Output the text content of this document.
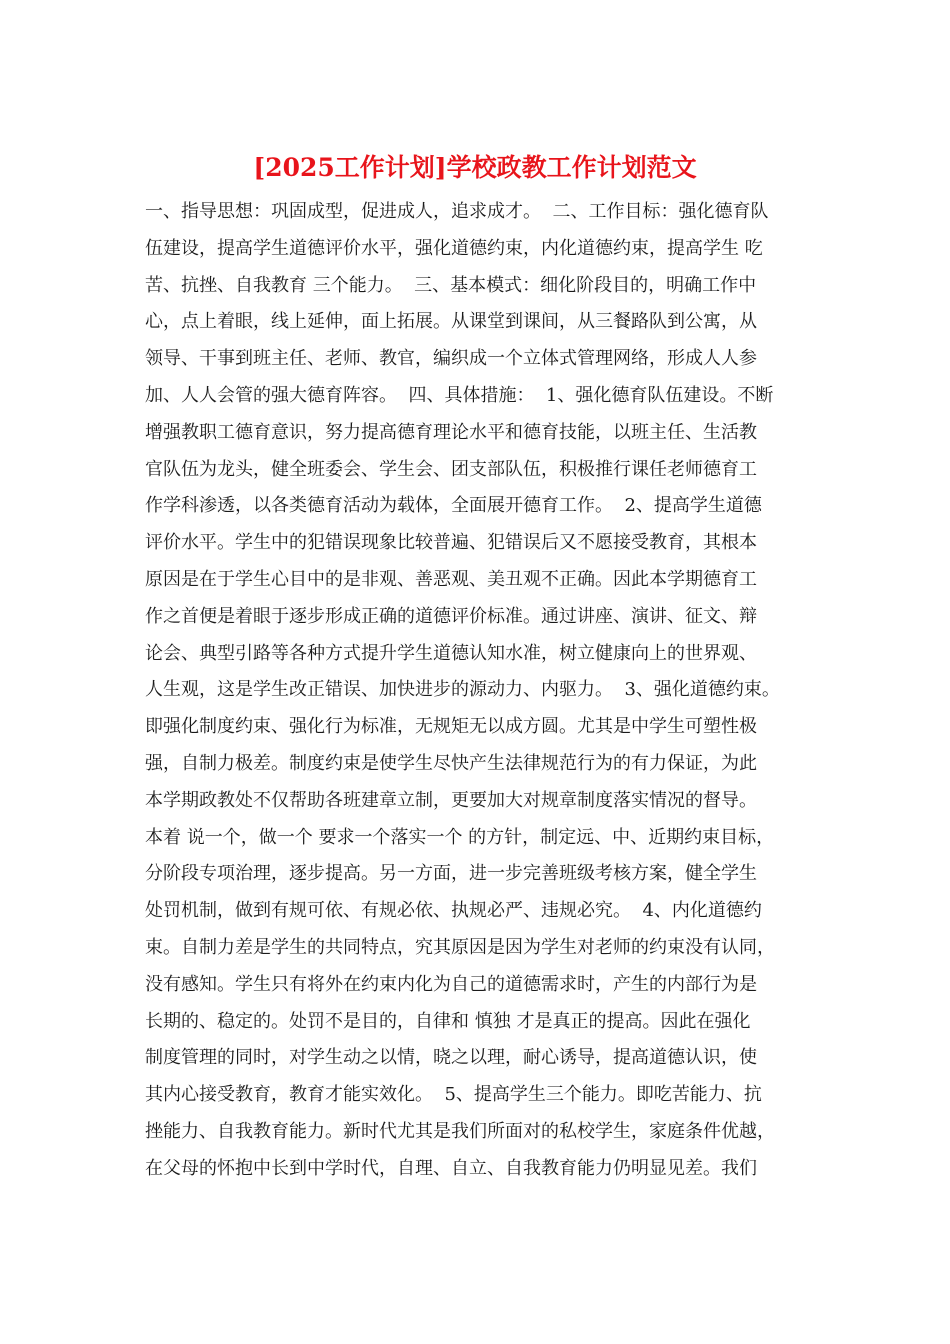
[2025工作计划]学校政教工作计划范文
一、指导思想：巩固成型，促进成人，追求成才。  二、工作目标：强化德育队
伍建设，提高学生道德评价水平，强化道德约束，内化道德约束，提高学生 吃
苦、抗挫、自我教育 三个能力。  三、基本模式：细化阶段目的，明确工作中
心，点上着眼，线上延伸，面上拓展。从课堂到课间，从三餐路队到公寓，从
领导、干事到班主任、老师、教官，编织成一个立体式管理网络，形成人人参
加、人人会管的强大德育阵容。  四、具体措施：  1、强化德育队伍建设。不断
增强教职工德育意识，努力提高德育理论水平和德育技能，以班主任、生活教
官队伍为龙头，健全班委会、学生会、团支部队伍，积极推行课任老师德育工
作学科渗透，以各类德育活动为载体，全面展开德育工作。  2、提高学生道德
评价水平。学生中的犯错误现象比较普遍、犯错误后又不愿接受教育，其根本
原因是在于学生心目中的是非观、善恶观、美丑观不正确。因此本学期德育工
作之首便是着眼于逐步形成正确的道德评价标准。通过讲座、演讲、征文、辩
论会、典型引路等各种方式提升学生道德认知水准，树立健康向上的世界观、
人生观，这是学生改正错误、加快进步的源动力、内驱力。  3、强化道德约束。
即强化制度约束、强化行为标准，无规矩无以成方圆。尤其是中学生可塑性极
强，自制力极差。制度约束是使学生尽快产生法律规范行为的有力保证，为此
本学期政教处不仅帮助各班建章立制，更要加大对规章制度落实情况的督导。
本着 说一个，做一个 要求一个落实一个 的方针，制定远、中、近期约束目标，
分阶段专项治理，逐步提高。另一方面，进一步完善班级考核方案，健全学生
处罚机制，做到有规可依、有规必依、执规必严、违规必究。  4、内化道德约
束。自制力差是学生的共同特点，究其原因是因为学生对老师的约束没有认同，
没有感知。学生只有将外在约束内化为自己的道德需求时，产生的内部行为是
长期的、稳定的。处罚不是目的，自律和 慎独 才是真正的提高。因此在强化
制度管理的同时，对学生动之以情，晓之以理，耐心诱导，提高道德认识，使
其内心接受教育，教育才能实效化。  5、提高学生三个能力。即吃苦能力、抗
挫能力、自我教育能力。新时代尤其是我们所面对的私校学生，家庭条件优越，
在父母的怀抱中长到中学时代，自理、自立、自我教育能力仍明显见差。我们
